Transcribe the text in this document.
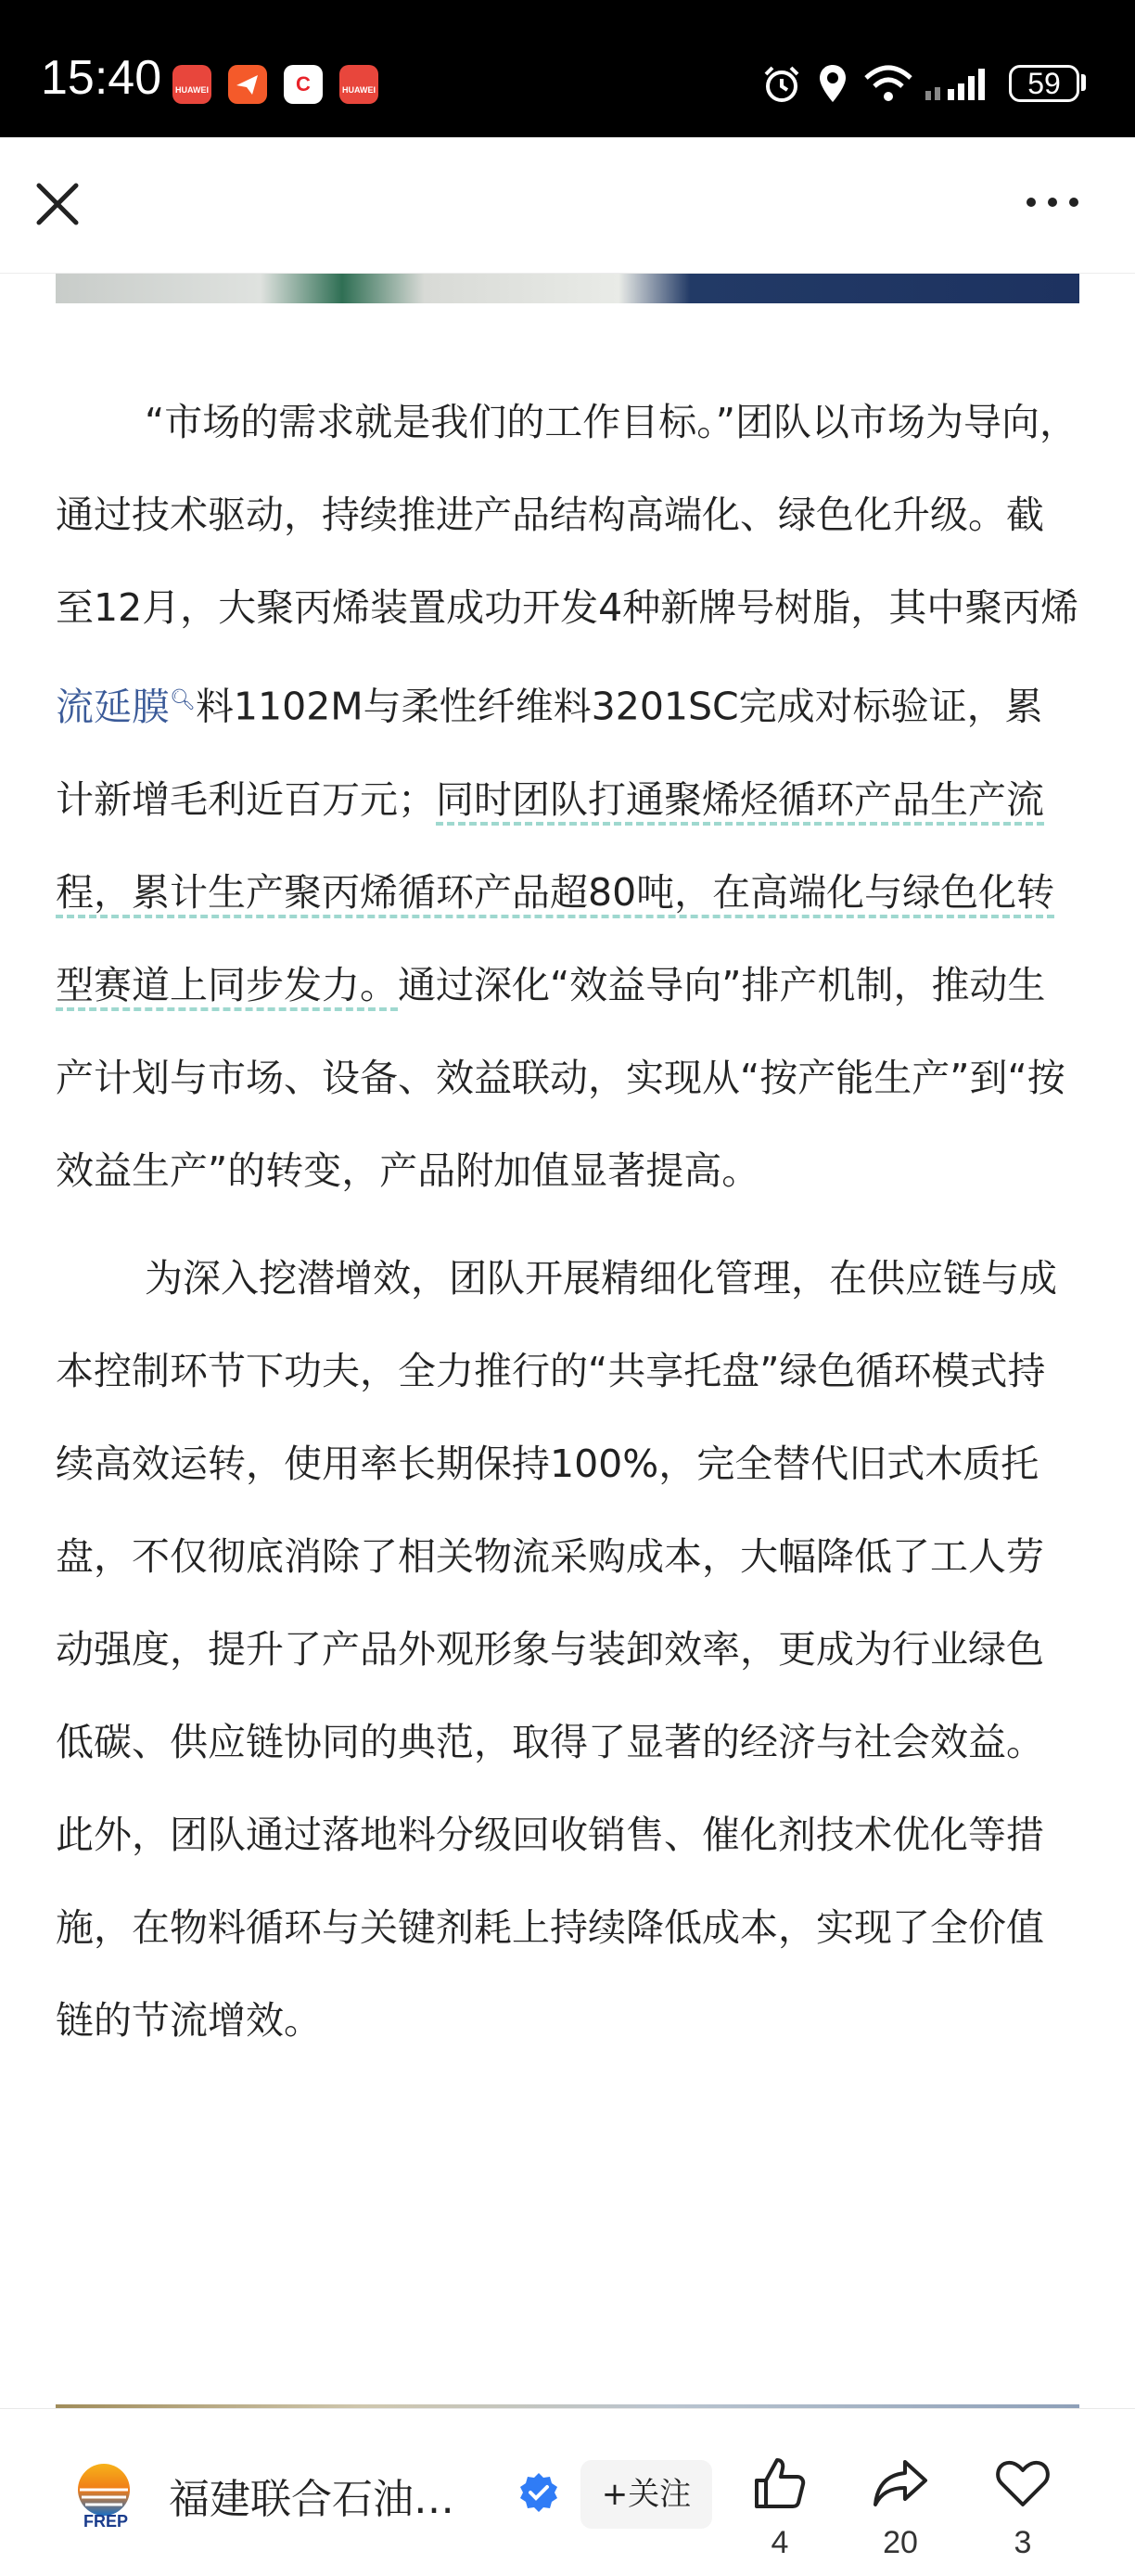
15:40	HUAWEI	C	HUAWEI	59

“市场的需求就是我们的工作目标。”团队以市场为导向，通过技术驱动，持续推进产品结构高端化、绿色化升级。截至12月，大聚丙烯装置成功开发4种新牌号树脂，其中聚丙烯流延膜🔍︎料1102M与柔性纤维料3201SC完成对标验证，累计新增毛利近百万元；同时团队打通聚烯烃循环产品生产流程，累计生产聚丙烯循环产品超80吨，在高端化与绿色化转型赛道上同步发力。通过深化“效益导向”排产机制，推动生产计划与市场、设备、效益联动，实现从“按产能生产”到“按效益生产”的转变，产品附加值显著提高。

为深入挖潜增效，团队开展精细化管理，在供应链与成本控制环节下功夫，全力推行的“共享托盘”绿色循环模式持续高效运转，使用率长期保持100%，完全替代旧式木质托盘，不仅彻底消除了相关物流采购成本，大幅降低了工人劳动强度，提升了产品外观形象与装卸效率，更成为行业绿色低碳、供应链协同的典范，取得了显著的经济与社会效益。此外，团队通过落地料分级回收销售、催化剂技术优化等措施，在物料循环与关键剂耗上持续降低成本，实现了全价值链的节流增效。

FREP	福建联合石油…	+关注
4	20	3
